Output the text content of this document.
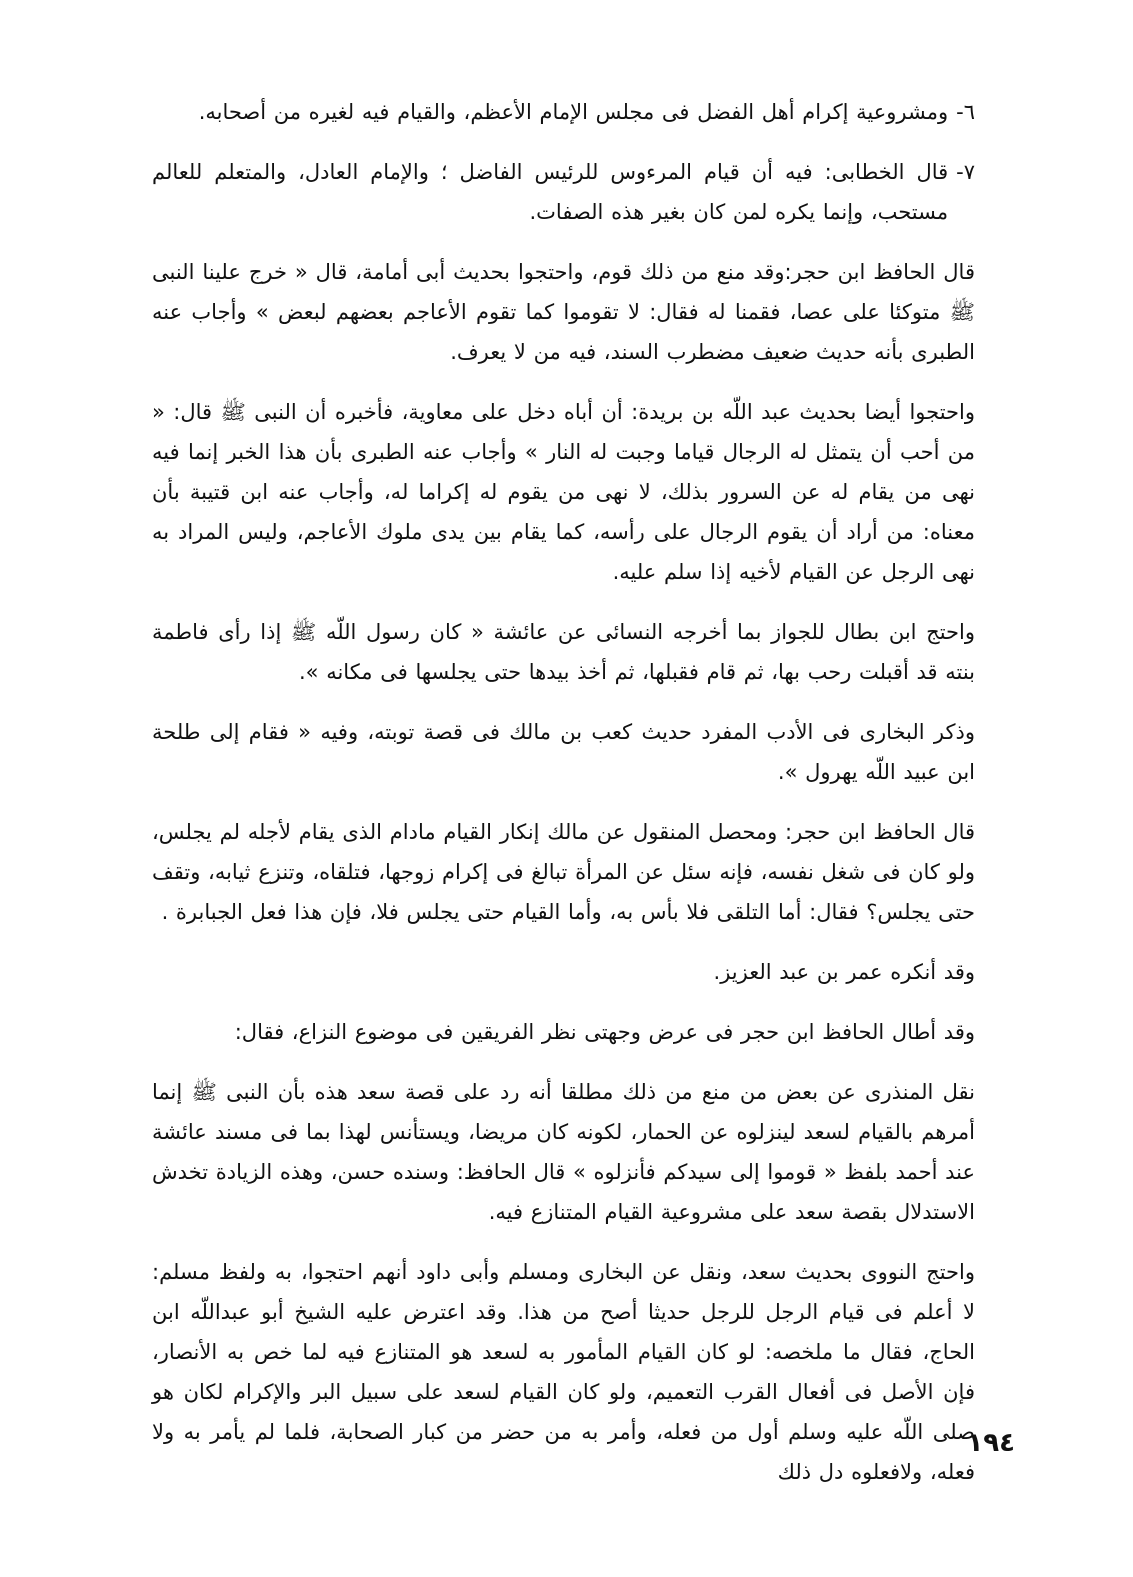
٦-
ومشروعية إكرام أهل الفضل فى مجلس الإمام الأعظم، والقيام فيه لغيره من أصحابه.
٧-
قال الخطابى: فيه أن قيام المرءوس للرئيس الفاضل ؛ والإمام العادل، والمتعلم للعالم مستحب، وإنما يكره لمن كان بغير هذه الصفات.

قال الحافظ ابن حجر:وقد منع من ذلك قوم، واحتجوا بحديث أبى أمامة، قال « خرج علينا النبى ﷺ متوكئا على عصا، فقمنا له فقال: لا تقوموا كما تقوم الأعاجم بعضهم لبعض » وأجاب عنه الطبرى بأنه حديث ضعيف مضطرب السند، فيه من لا يعرف.

واحتجوا أيضا بحديث عبد اللّه بن بريدة: أن أباه دخل على معاوية، فأخبره أن النبى ﷺ قال: « من أحب أن يتمثل له الرجال قياما وجبت له النار » وأجاب عنه الطبرى بأن هذا الخبر إنما فيه نهى من يقام له عن السرور بذلك، لا نهى من يقوم له إكراما له، وأجاب عنه ابن قتيبة بأن معناه: من أراد أن يقوم الرجال على رأسه، كما يقام بين يدى ملوك الأعاجم، وليس المراد به نهى الرجل عن القيام لأخيه إذا سلم عليه.

واحتج ابن بطال للجواز بما أخرجه النسائى عن عائشة « كان رسول اللّه ﷺ إذا رأى فاطمة بنته قد أقبلت رحب بها، ثم قام فقبلها، ثم أخذ بيدها حتى يجلسها فى مكانه ».

وذكر البخارى فى الأدب المفرد حديث كعب بن مالك فى قصة توبته، وفيه « فقام إلى طلحة ابن عبيد اللّه يهرول ».

قال الحافظ ابن حجر: ومحصل المنقول عن مالك إنكار القيام مادام الذى يقام لأجله لم يجلس، ولو كان فى شغل نفسه، فإنه سئل عن المرأة تبالغ فى إكرام زوجها، فتلقاه، وتنزع ثيابه، وتقف حتى يجلس؟ فقال: أما التلقى فلا بأس به، وأما القيام حتى يجلس فلا، فإن هذا فعل الجبابرة .

وقد أنكره عمر بن عبد العزيز.

وقد أطال الحافظ ابن حجر فى عرض وجهتى نظر الفريقين فى موضوع النزاع، فقال:

نقل المنذرى عن بعض من منع من ذلك مطلقا أنه رد على قصة سعد هذه بأن النبى ﷺ إنما أمرهم بالقيام لسعد لينزلوه عن الحمار، لكونه كان مريضا، ويستأنس لهذا بما فى مسند عائشة عند أحمد بلفظ « قوموا إلى سيدكم فأنزلوه » قال الحافظ: وسنده حسن، وهذه الزيادة تخدش الاستدلال بقصة سعد على مشروعية القيام المتنازع فيه.

واحتج النووى بحديث سعد، ونقل عن البخارى ومسلم وأبى داود أنهم احتجوا، به ولفظ مسلم: لا أعلم فى قيام الرجل للرجل حديثا أصح من هذا. وقد اعترض عليه الشيخ أبو عبداللّه ابن الحاج، فقال ما ملخصه: لو كان القيام المأمور به لسعد هو المتنازع فيه لما خص به الأنصار، فإن الأصل فى أفعال القرب التعميم، ولو كان القيام لسعد على سبيل البر والإكرام لكان هو صلى اللّه عليه وسلم أول من فعله، وأمر به من حضر من كبار الصحابة، فلما لم يأمر به ولا فعله، ولافعلوه دل ذلك

١٩٤
